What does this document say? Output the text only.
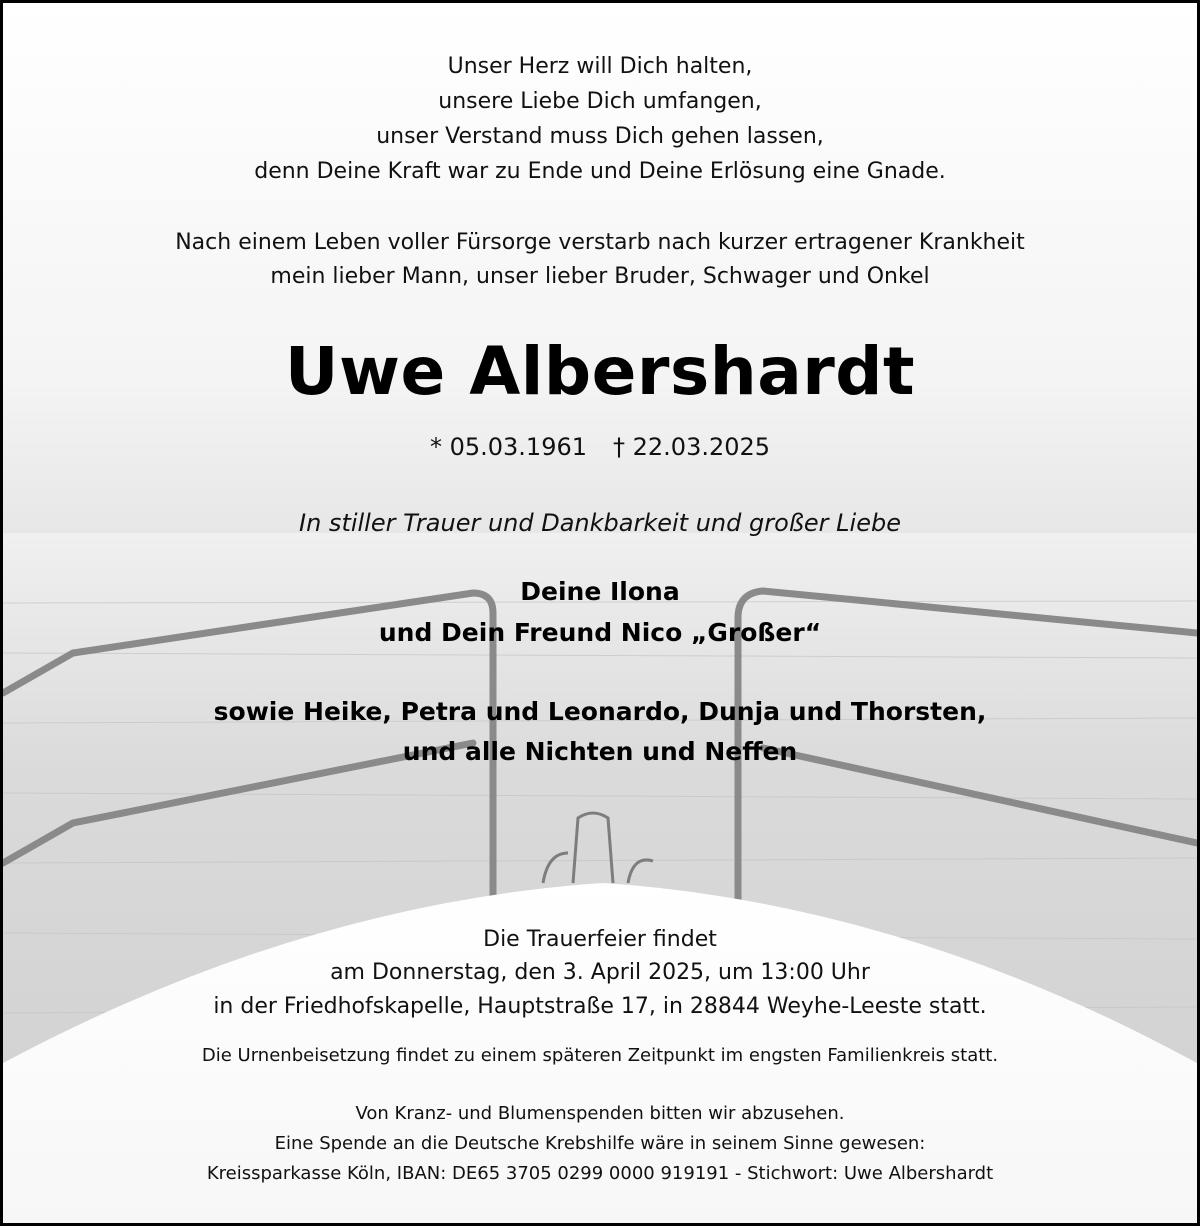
Unser Herz will Dich halten,
unsere Liebe Dich umfangen,
unser Verstand muss Dich gehen lassen,
denn Deine Kraft war zu Ende und Deine Erlösung eine Gnade.
Nach einem Leben voller Fürsorge verstarb nach kurzer ertragener Krankheit
mein lieber Mann, unser lieber Bruder, Schwager und Onkel
Uwe Albershardt
* 05.03.1961 † 22.03.2025
In stiller Trauer und Dankbarkeit und großer Liebe
Deine Ilona
und Dein Freund Nico „Großer“
sowie Heike, Petra und Leonardo, Dunja und Thorsten,
und alle Nichten und Neffen
Die Trauerfeier findet
am Donnerstag, den 3. April 2025, um 13:00 Uhr
in der Friedhofskapelle, Hauptstraße 17, in 28844 Weyhe-Leeste statt.
Die Urnenbeisetzung findet zu einem späteren Zeitpunkt im engsten Familienkreis statt.
Von Kranz- und Blumenspenden bitten wir abzusehen.
Eine Spende an die Deutsche Krebshilfe wäre in seinem Sinne gewesen:
Kreissparkasse Köln, IBAN: DE65 3705 0299 0000 919191 - Stichwort: Uwe Albershardt
